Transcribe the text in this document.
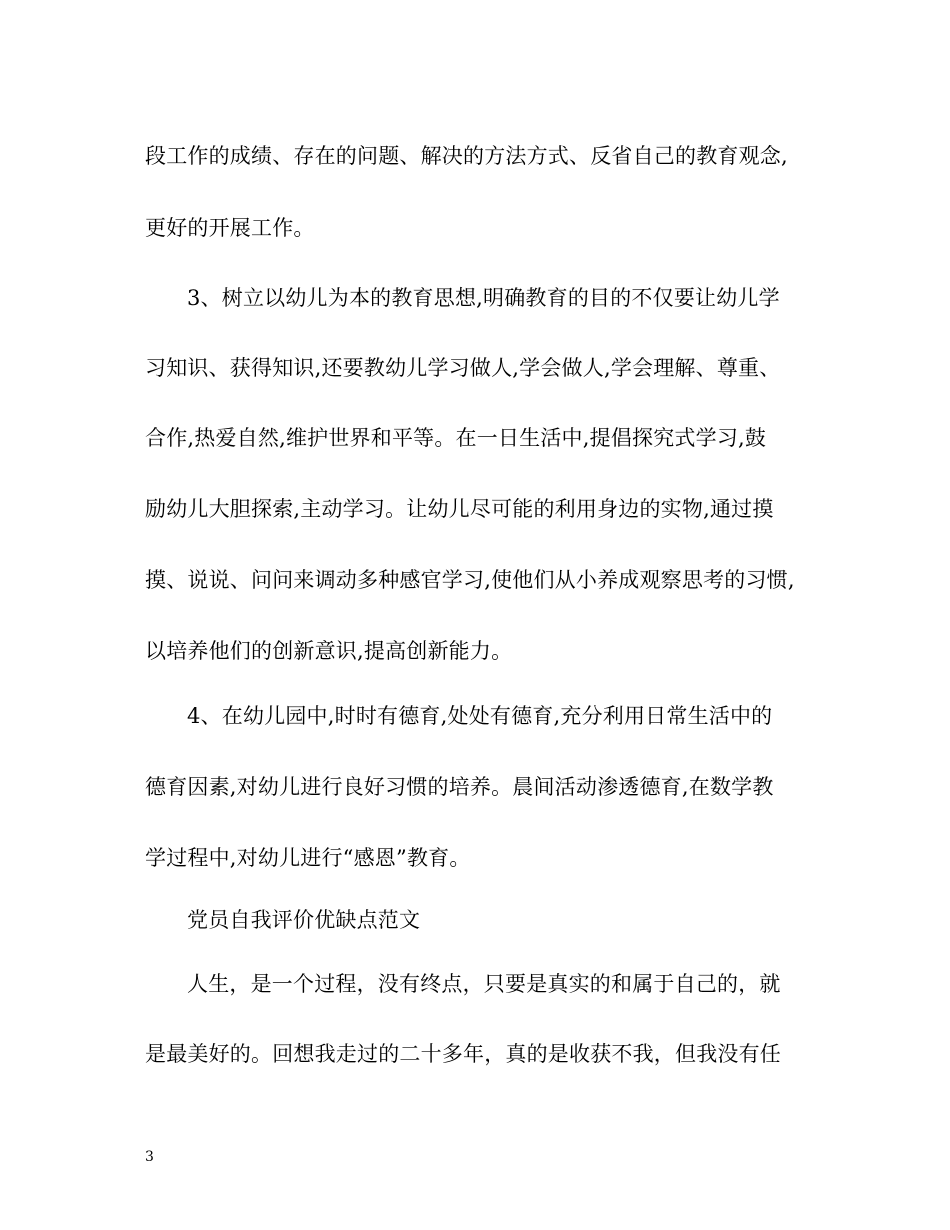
段工作的成绩、存在的问题、解决的方法方式、反省自己的教育观念,
更好的开展工作。
3、树立以幼儿为本的教育思想,明确教育的目的不仅要让幼儿学
习知识、获得知识,还要教幼儿学习做人,学会做人,学会理解、尊重、
合作,热爱自然,维护世界和平等。在一日生活中,提倡探究式学习,鼓
励幼儿大胆探索,主动学习。让幼儿尽可能的利用身边的实物,通过摸
摸、说说、问问来调动多种感官学习,使他们从小养成观察思考的习惯,
以培养他们的创新意识,提高创新能力。
4、在幼儿园中,时时有德育,处处有德育,充分利用日常生活中的
德育因素,对幼儿进行良好习惯的培养。晨间活动渗透德育,在数学教
学过程中,对幼儿进行“感恩”教育。
党员自我评价优缺点范文
人生，是一个过程，没有终点，只要是真实的和属于自己的，就
是最美好的。回想我走过的二十多年，真的是收获不我，但我没有任
3
